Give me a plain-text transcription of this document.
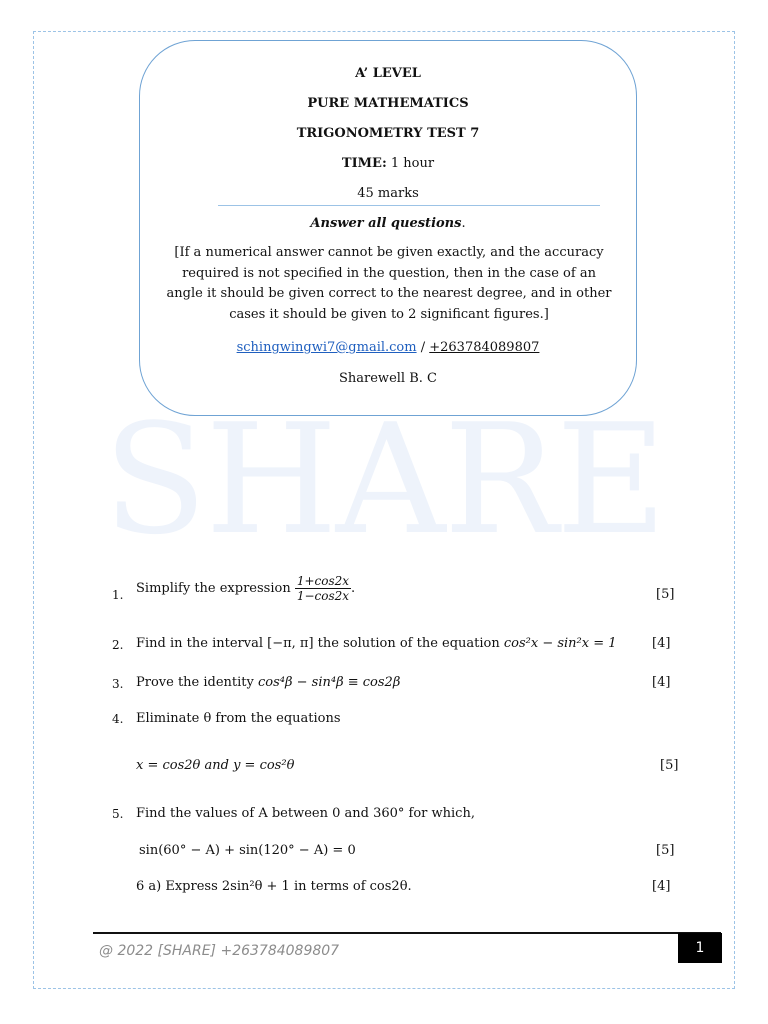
A’ LEVEL
PURE MATHEMATICS
TRIGONOMETRY TEST 7
TIME: 1 hour
45 marks
Answer all questions.
[If a numerical answer cannot be given exactly, and the accuracy required is not specified in the question, then in the case of an angle it should be given correct to the nearest degree, and in other cases it should be given to 2 significant figures.]
schingwingwi7@gmail.com / +263784089807
Sharewell B. C
SHARE
1. Simplify the expression $\frac{1+\cos 2x}{1-\cos 2x}$ .	[5]
2. Find in the interval [−π, π] the solution of the equation cos²x − sin²x = 1	[4]
3. Prove the identity cos⁴β − sin⁴β ≡ cos2β	[4]
4. Eliminate θ from the equations
x = cos2θ and y = cos²θ	[5]
5. Find the values of A between 0 and 360° for which,
sin(60° − A) + sin(120° − A) = 0	[5]
6 a) Express 2sin²θ + 1 in terms of cos2θ.	[4]
@ 2022 [SHARE] +263784089807	1
